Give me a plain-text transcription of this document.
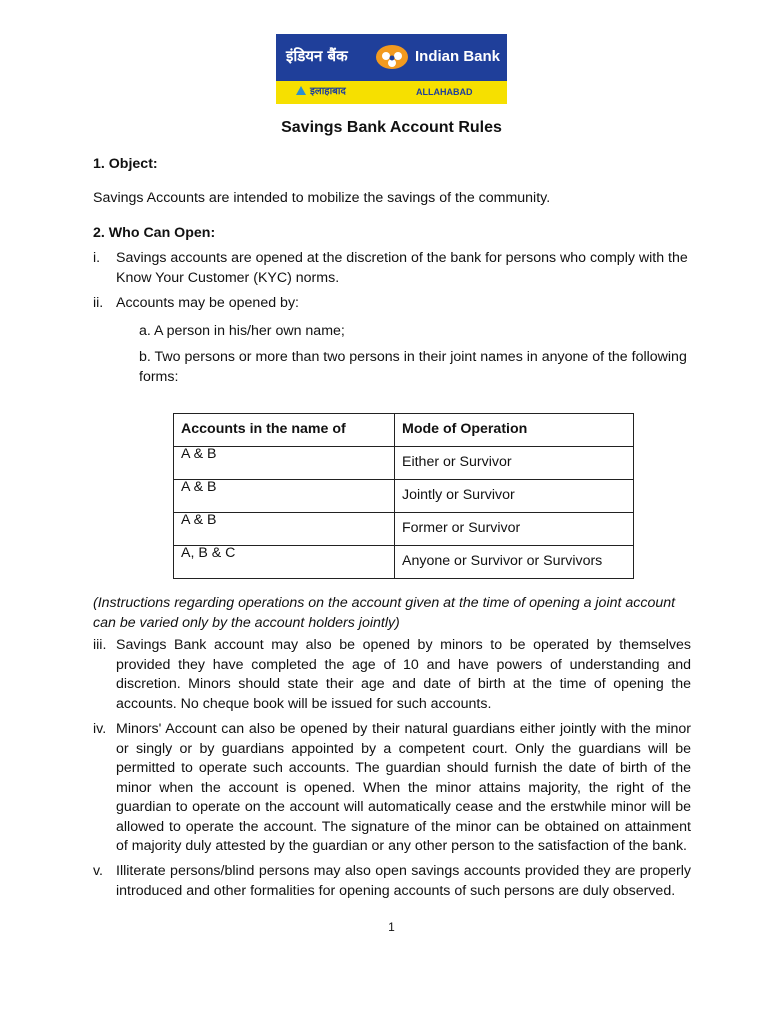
इंडियन बैंक	Indian Bank
इलाहाबाद	ALLAHABAD
Savings Bank Account Rules
1. Object:
Savings Accounts are intended to mobilize the savings of the community.
2. Who Can Open:
i. Savings accounts are opened at the discretion of the bank for persons who comply with the Know Your Customer (KYC) norms.
ii. Accounts may be opened by:
a. A person in his/her own name;
b. Two persons or more than two persons in their joint names in anyone of the following forms:
Accounts in the name of	Mode of Operation
A & B	Either or Survivor
A & B	Jointly or Survivor
A & B	Former or Survivor
A, B & C	Anyone or Survivor or Survivors
(Instructions regarding operations on the account given at the time of opening a joint account can be varied only by the account holders jointly)
iii. Savings Bank account may also be opened by minors to be operated by themselves provided they have completed the age of 10 and have powers of understanding and discretion. Minors should state their age and date of birth at the time of opening the accounts. No cheque book will be issued for such accounts.
iv. Minors' Account can also be opened by their natural guardians either jointly with the minor or singly or by guardians appointed by a competent court. Only the guardians will be permitted to operate such accounts. The guardian should furnish the date of birth of the minor when the account is opened. When the minor attains majority, the right of the guardian to operate on the account will automatically cease and the erstwhile minor will be allowed to operate the account. The signature of the minor can be obtained on attainment of majority duly attested by the guardian or any other person to the satisfaction of the bank.
v. Illiterate persons/blind persons may also open savings accounts provided they are properly introduced and other formalities for opening accounts of such persons are duly observed.
1
